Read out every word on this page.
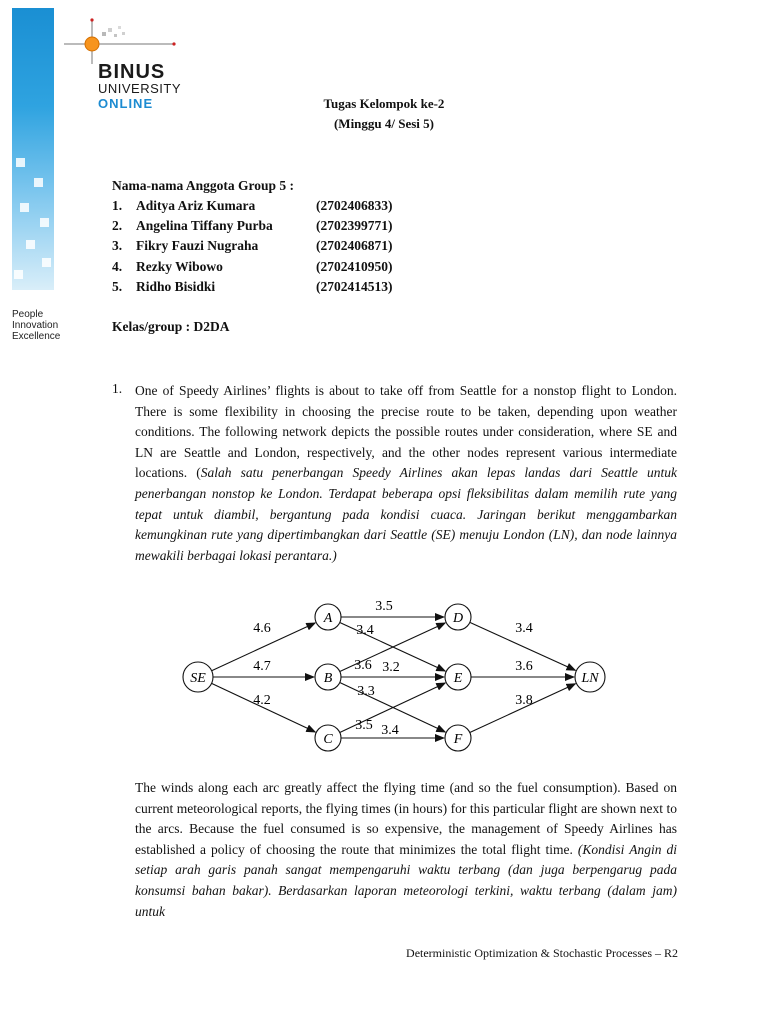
BINUS
UNIVERSITY
ONLINE
People
Innovation
Excellence
Tugas Kelompok ke-2
(Minggu 4/ Sesi 5)
Nama-nama Anggota Group 5 :
1. Aditya Ariz Kumara	(2702406833)
2. Angelina Tiffany Purba	(2702399771)
3. Fikry Fauzi Nugraha	(2702406871)
4. Rezky Wibowo	(2702410950)
5. Ridho Bisidki	(2702414513)
Kelas/group : D2DA
1. One of Speedy Airlines’ flights is about to take off from Seattle for a nonstop flight to London. There is some flexibility in choosing the precise route to be taken, depending upon weather conditions. The following network depicts the possible routes under consideration, where SE and LN are Seattle and London, respectively, and the other nodes represent various intermediate locations. (Salah satu penerbangan Speedy Airlines akan lepas landas dari Seattle untuk penerbangan nonstop ke London. Terdapat beberapa opsi fleksibilitas dalam memilih rute yang tepat untuk diambil, bergantung pada kondisi cuaca. Jaringan berikut menggambarkan kemungkinan rute yang dipertimbangkan dari Seattle (SE) menuju London (LN), dan node lainnya mewakili berbagai lokasi perantara.)
4.6
4.7
4.2
3.5
3.4
3.6 3.2
3.3
3.5 3.4
3.4
3.6
3.8
SE
A
B
C
D
E
F
LN
The winds along each arc greatly affect the flying time (and so the fuel consumption). Based on current meteorological reports, the flying times (in hours) for this particular flight are shown next to the arcs. Because the fuel consumed is so expensive, the management of Speedy Airlines has established a policy of choosing the route that minimizes the total flight time. (Kondisi Angin di setiap arah garis panah sangat mempengaruhi waktu terbang (dan juga berpengarug pada konsumsi bahan bakar). Berdasarkan laporan meteorologi terkini, waktu terbang (dalam jam) untuk
Deterministic Optimization & Stochastic Processes – R2
